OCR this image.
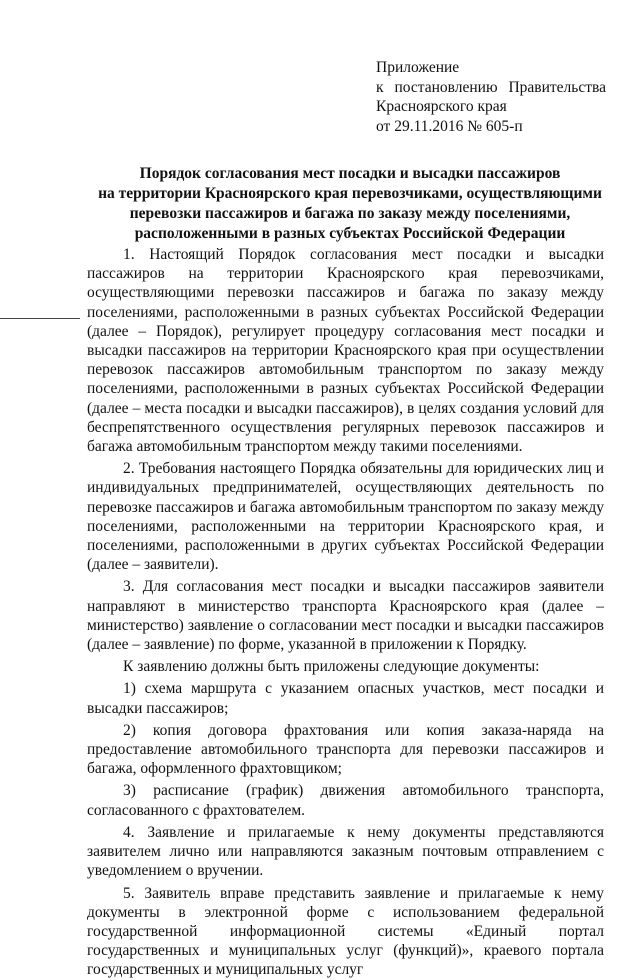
Приложение
к постановлению Правительства
Красноярского края
от 29.11.2016 № 605-п
Порядок согласования мест посадки и высадки пассажиров
на территории Красноярского края перевозчиками, осуществляющими
перевозки пассажиров и багажа по заказу между поселениями,
расположенными в разных субъектах Российской Федерации

1. Настоящий Порядок согласования мест посадки и высадки пассажиров на территории Красноярского края перевозчиками, осуществляющими перевозки пассажиров и багажа по заказу между поселениями, расположенными в разных субъектах Российской Федерации (далее – Порядок), регулирует процедуру согласования мест посадки и высадки пассажиров на территории Красноярского края при осуществлении перевозок пассажиров автомобильным транспортом по заказу между поселениями, расположенными в разных субъектах Российской Федерации (далее – места посадки и высадки пассажиров), в целях создания условий для беспрепятственного осуществления регулярных перевозок пассажиров и багажа автомобильным транспортом между такими поселениями.

2. Требования настоящего Порядка обязательны для юридических лиц и индивидуальных предпринимателей, осуществляющих деятельность по перевозке пассажиров и багажа автомобильным транспортом по заказу между поселениями, расположенными на территории Красноярского края, и поселениями, расположенными в других субъектах Российской Федерации (далее – заявители).

3. Для согласования мест посадки и высадки пассажиров заявители направляют в министерство транспорта Красноярского края (далее – министерство) заявление о согласовании мест посадки и высадки пассажиров (далее – заявление) по форме, указанной в приложении к Порядку.

К заявлению должны быть приложены следующие документы:

1) схема маршрута с указанием опасных участков, мест посадки и высадки пассажиров;

2) копия договора фрахтования или копия заказа-наряда на предоставление автомобильного транспорта для перевозки пассажиров и багажа, оформленного фрахтовщиком;

3) расписание (график) движения автомобильного транспорта, согласованного с фрахтователем.

4. Заявление и прилагаемые к нему документы представляются заявителем лично или направляются заказным почтовым отправлением с уведомлением о вручении.

5. Заявитель вправе представить заявление и прилагаемые к нему документы в электронной форме с использованием федеральной государственной информационной системы «Единый портал государственных и муниципальных услуг (функций)», краевого портала государственных и муниципальных услуг
